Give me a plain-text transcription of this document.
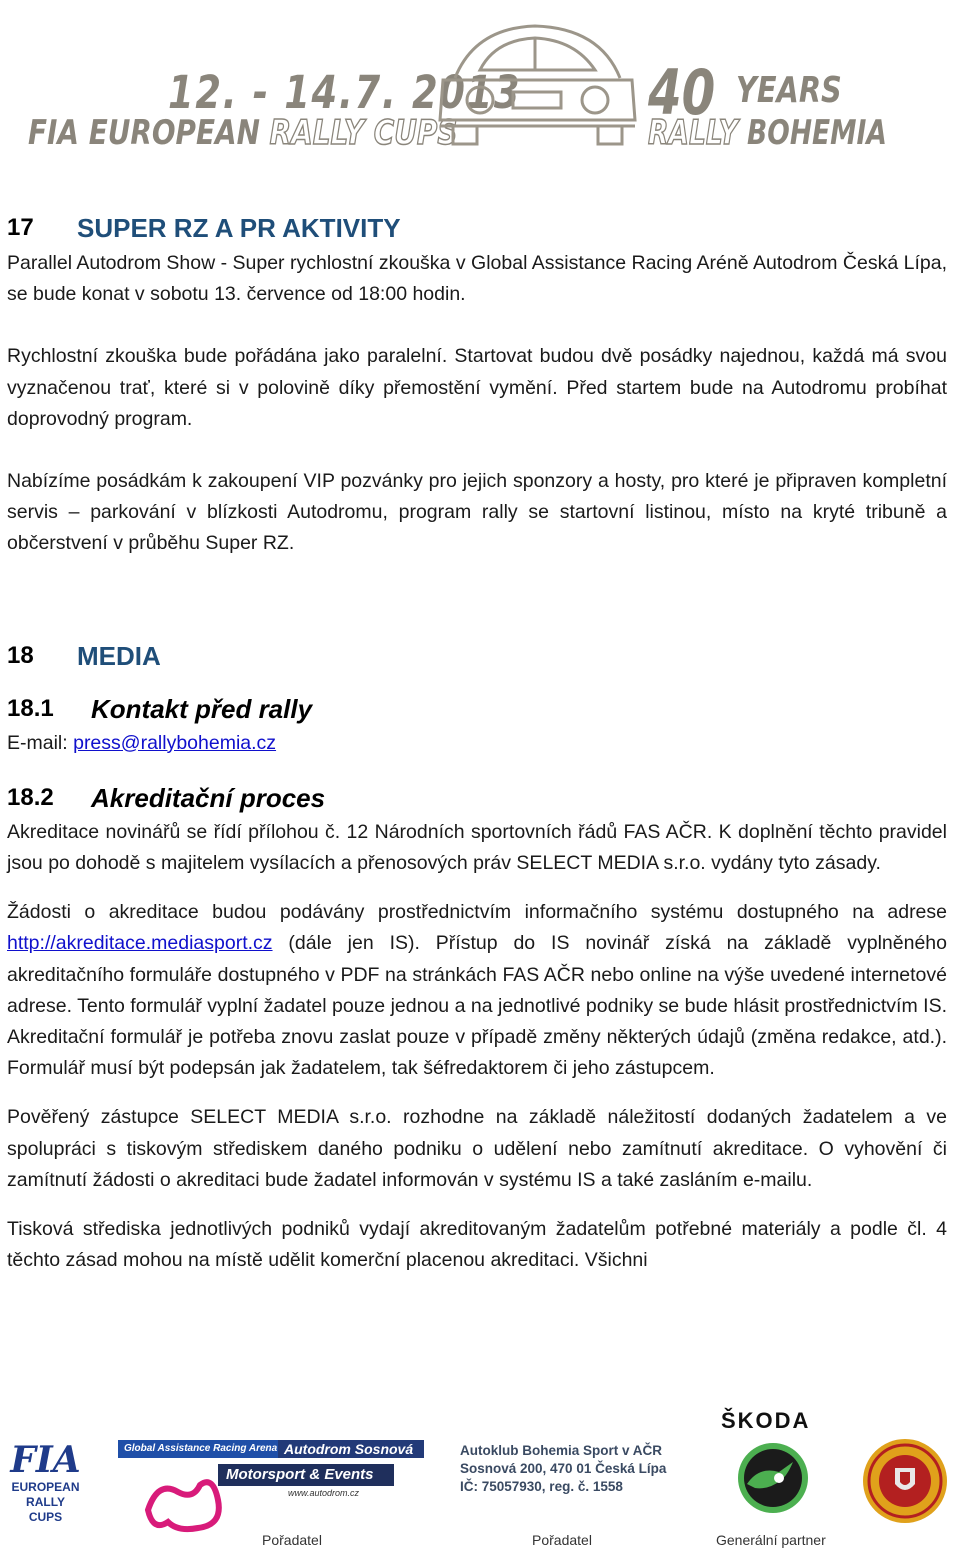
12. - 14.7. 2013
FIA EUROPEAN RALLY CUPS
40 YEARS
RALLY BOHEMIA
17	SUPER RZ A PR AKTIVITY

Parallel Autodrom Show - Super rychlostní zkouška v Global Assistance Racing Aréně Autodrom Česká Lípa, se bude konat v sobotu 13. července od 18:00 hodin.

Rychlostní zkouška bude pořádána jako paralelní. Startovat budou dvě posádky najednou, každá má svou vyznačenou trať, které si v polovině díky přemostění vymění. Před startem bude na Autodromu probíhat doprovodný program.

Nabízíme posádkám k zakoupení VIP pozvánky pro jejich sponzory a hosty, pro které je připraven kompletní servis – parkování v blízkosti Autodromu, program rally se startovní listinou, místo na kryté tribuně a občerstvení v průběhu Super RZ.

18	MEDIA
18.1	Kontakt před rally

E-mail: press@rallybohemia.cz

18.2	Akreditační proces

Akreditace novinářů se řídí přílohou č. 12 Národních sportovních řádů FAS AČR. K doplnění těchto pravidel jsou po dohodě s majitelem vysílacích a přenosových práv SELECT MEDIA s.r.o. vydány tyto zásady.

Žádosti o akreditace budou podávány prostřednictvím informačního systému dostupného na adrese http://akreditace.mediasport.cz (dále jen IS). Přístup do IS novinář získá na základě vyplněného akreditačního formuláře dostupného v PDF na stránkách FAS AČR nebo online na výše uvedené internetové adrese. Tento formulář vyplní žadatel pouze jednou a na jednotlivé podniky se bude hlásit prostřednictvím IS. Akreditační formulář je potřeba znovu zaslat pouze v případě změny některých údajů (změna redakce, atd.). Formulář musí být podepsán jak žadatelem, tak šéfredaktorem či jeho zástupcem.

Pověřený zástupce SELECT MEDIA s.r.o. rozhodne na základě náležitostí dodaných žadatelem a ve spolupráci s tiskovým střediskem daného podniku o udělení nebo zamítnutí akreditace. O vyhovění či zamítnutí žádosti o akreditaci bude žadatel informován v systému IS a také zasláním e-mailu.

Tisková střediska jednotlivých podniků vydají akreditovaným žadatelům potřebné materiály a podle čl. 4 těchto zásad mohou na místě udělit komerční placenou akreditaci. Všichni

FIA
EUROPEAN
RALLY CUPS
Global Assistance Racing Arena Autodrom Sosnová
Motorsport & Events
www.autodrom.cz
Pořadatel
Autoklub Bohemia Sport v AČR
Sosnová 200, 470 01 Česká Lípa
IČ: 75057930, reg. č. 1558
Pořadatel
ŠKODA
Generální partner
